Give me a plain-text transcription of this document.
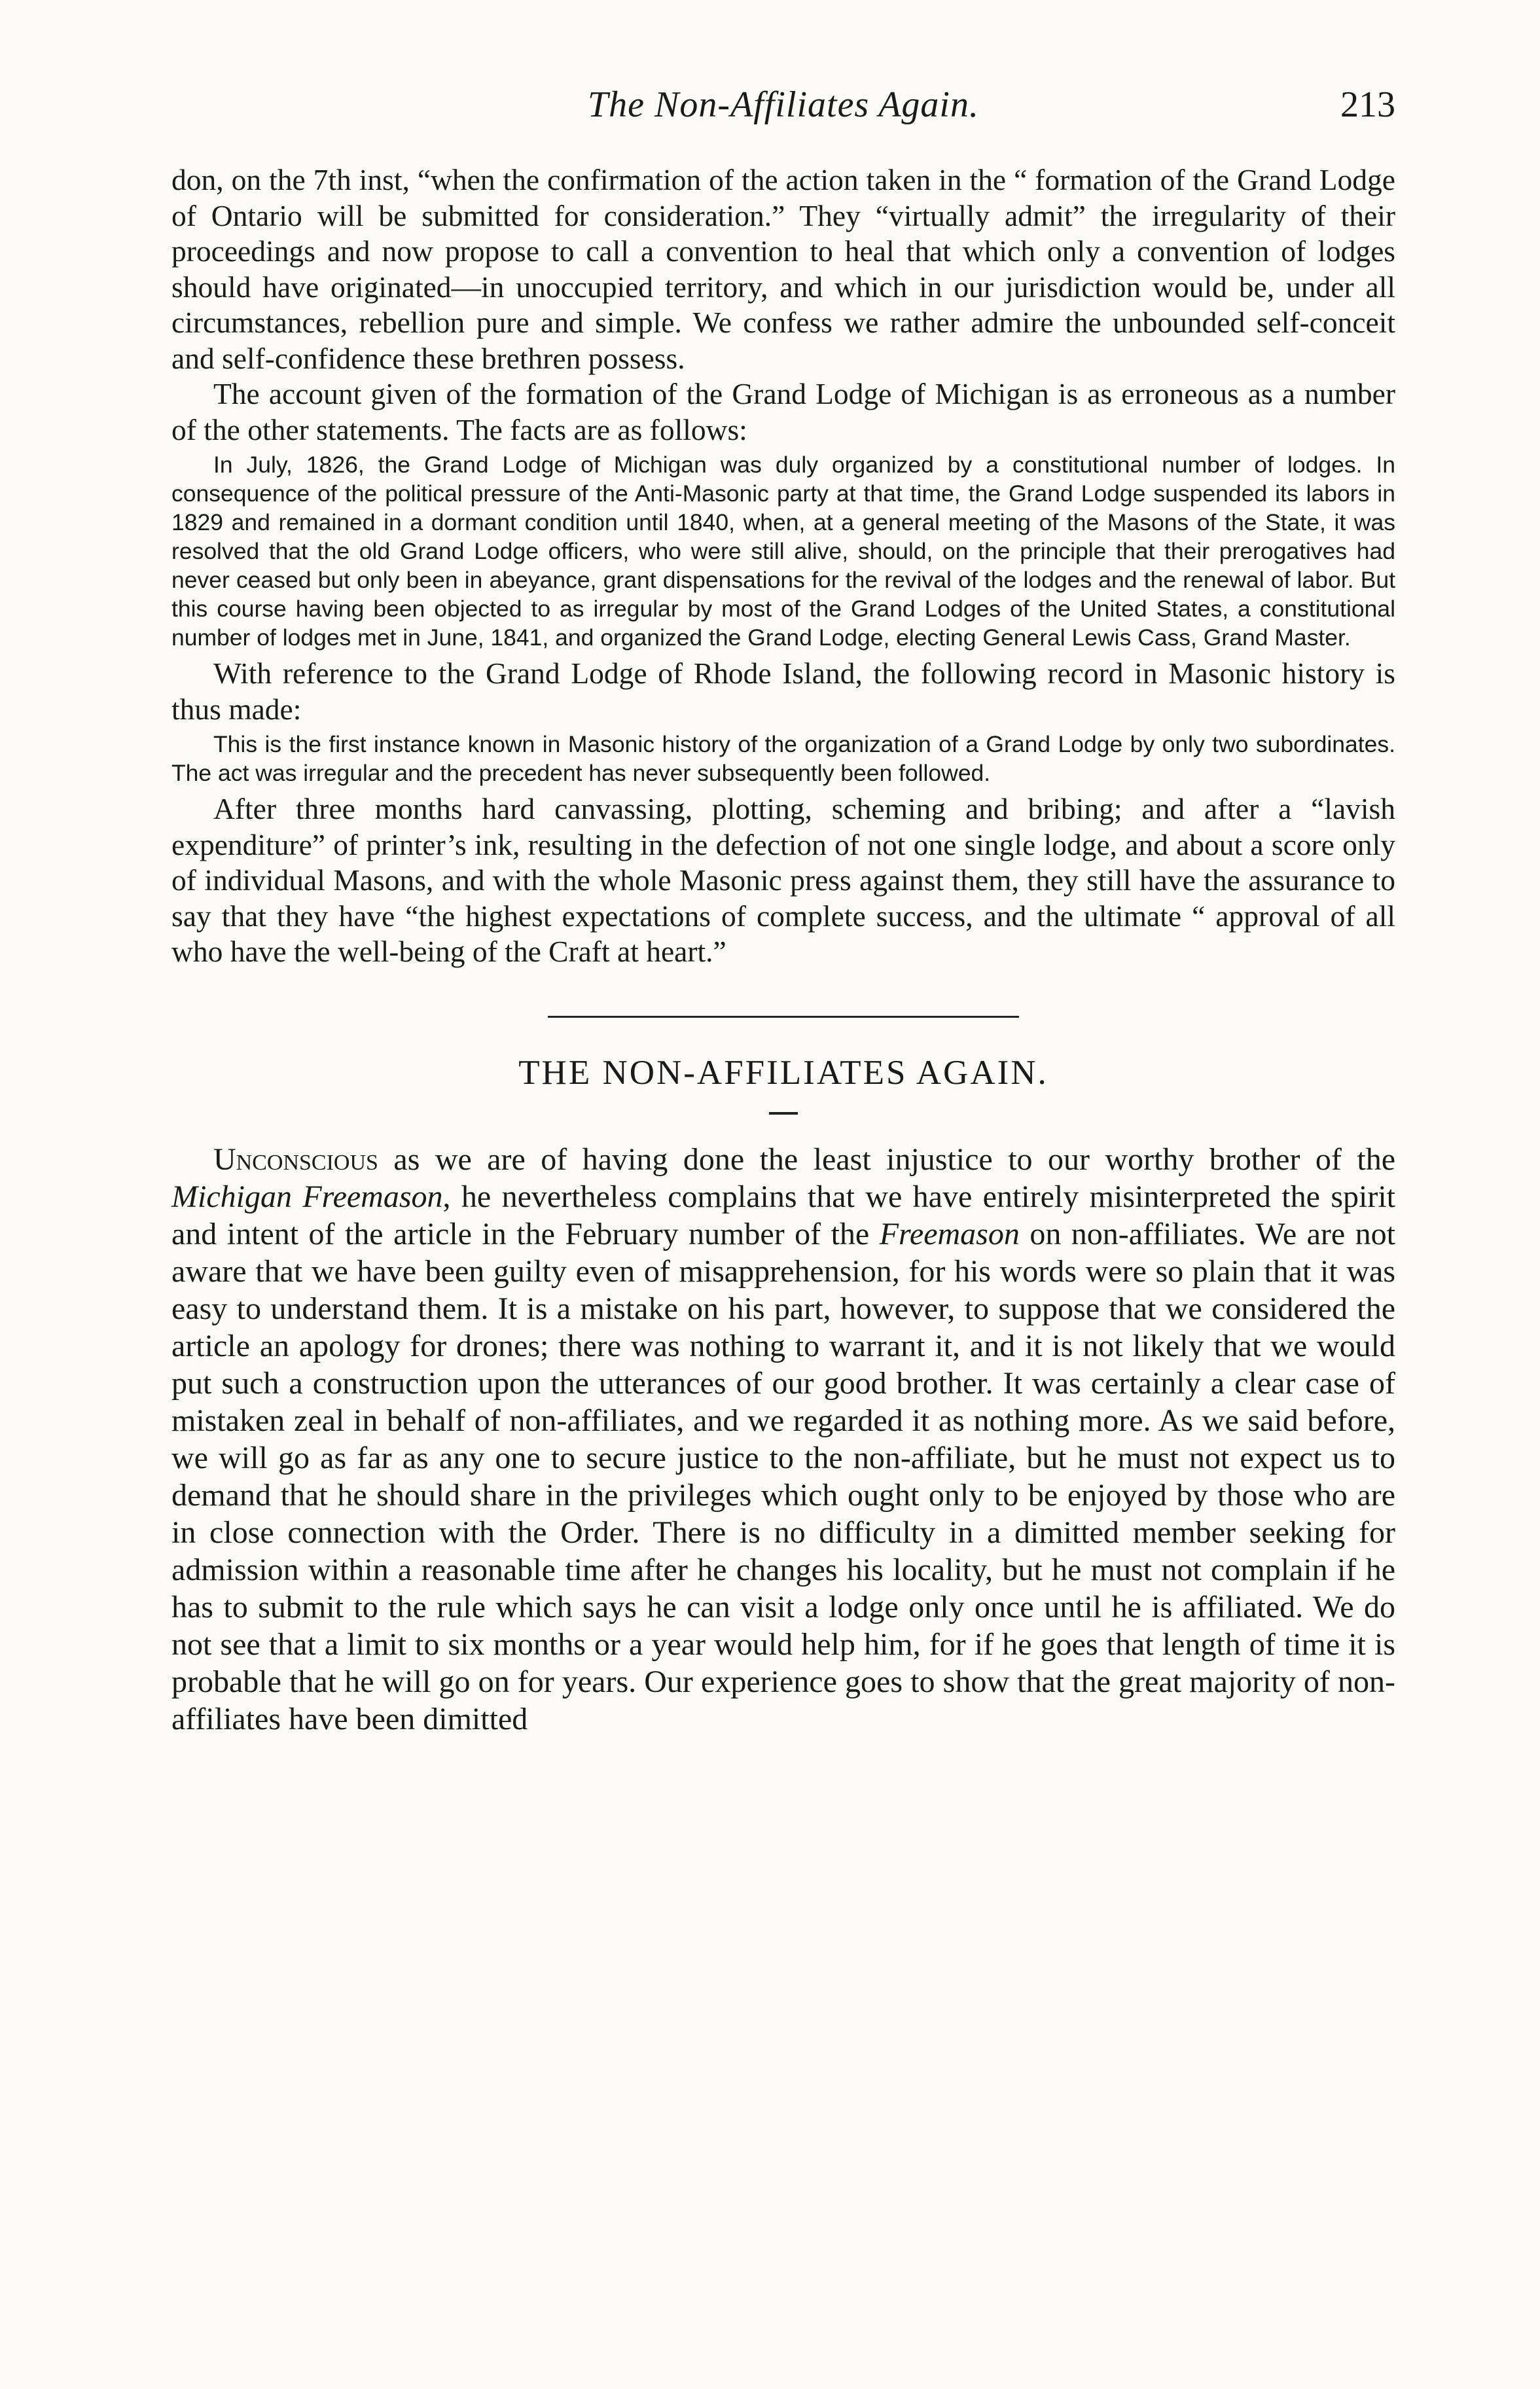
The Non-Affiliates Again.	213

don, on the 7th inst, “when the confirmation of the action taken in the “ formation of the Grand Lodge of Ontario will be submitted for consideration.” They “virtually admit” the irregularity of their proceedings and now propose to call a convention to heal that which only a convention of lodges should have originated—in unoccupied territory, and which in our jurisdiction would be, under all circumstances, rebellion pure and simple. We confess we rather admire the unbounded self-conceit and self-confidence these brethren possess.

The account given of the formation of the Grand Lodge of Michigan is as erroneous as a number of the other statements. The facts are as follows:

In July, 1826, the Grand Lodge of Michigan was duly organized by a constitutional number of lodges. In consequence of the political pressure of the Anti-Masonic party at that time, the Grand Lodge suspended its labors in 1829 and remained in a dormant condition until 1840, when, at a general meeting of the Masons of the State, it was resolved that the old Grand Lodge officers, who were still alive, should, on the principle that their prerogatives had never ceased but only been in abeyance, grant dispensations for the revival of the lodges and the renewal of labor. But this course having been objected to as irregular by most of the Grand Lodges of the United States, a constitutional number of lodges met in June, 1841, and organized the Grand Lodge, electing General Lewis Cass, Grand Master.

With reference to the Grand Lodge of Rhode Island, the following record in Masonic history is thus made:

This is the first instance known in Masonic history of the organization of a Grand Lodge by only two subordinates. The act was irregular and the precedent has never subsequently been followed.

After three months hard canvassing, plotting, scheming and bribing; and after a “lavish expenditure” of printer’s ink, resulting in the defection of not one single lodge, and about a score only of individual Masons, and with the whole Masonic press against them, they still have the assurance to say that they have “the highest expectations of complete success, and the ultimate “ approval of all who have the well-being of the Craft at heart.”

THE NON-AFFILIATES AGAIN.

Unconscious as we are of having done the least injustice to our worthy brother of the Michigan Freemason, he nevertheless complains that we have entirely misinterpreted the spirit and intent of the article in the February number of the Freemason on non-affiliates. We are not aware that we have been guilty even of misapprehension, for his words were so plain that it was easy to understand them. It is a mistake on his part, however, to suppose that we considered the article an apology for drones; there was nothing to warrant it, and it is not likely that we would put such a construction upon the utterances of our good brother. It was certainly a clear case of mistaken zeal in behalf of non-affiliates, and we regarded it as nothing more. As we said before, we will go as far as any one to secure justice to the non-affiliate, but he must not expect us to demand that he should share in the privileges which ought only to be enjoyed by those who are in close connection with the Order. There is no difficulty in a dimitted member seeking for admission within a reasonable time after he changes his locality, but he must not complain if he has to submit to the rule which says he can visit a lodge only once until he is affiliated. We do not see that a limit to six months or a year would help him, for if he goes that length of time it is probable that he will go on for years. Our experience goes to show that the great majority of non-affiliates have been dimitted
